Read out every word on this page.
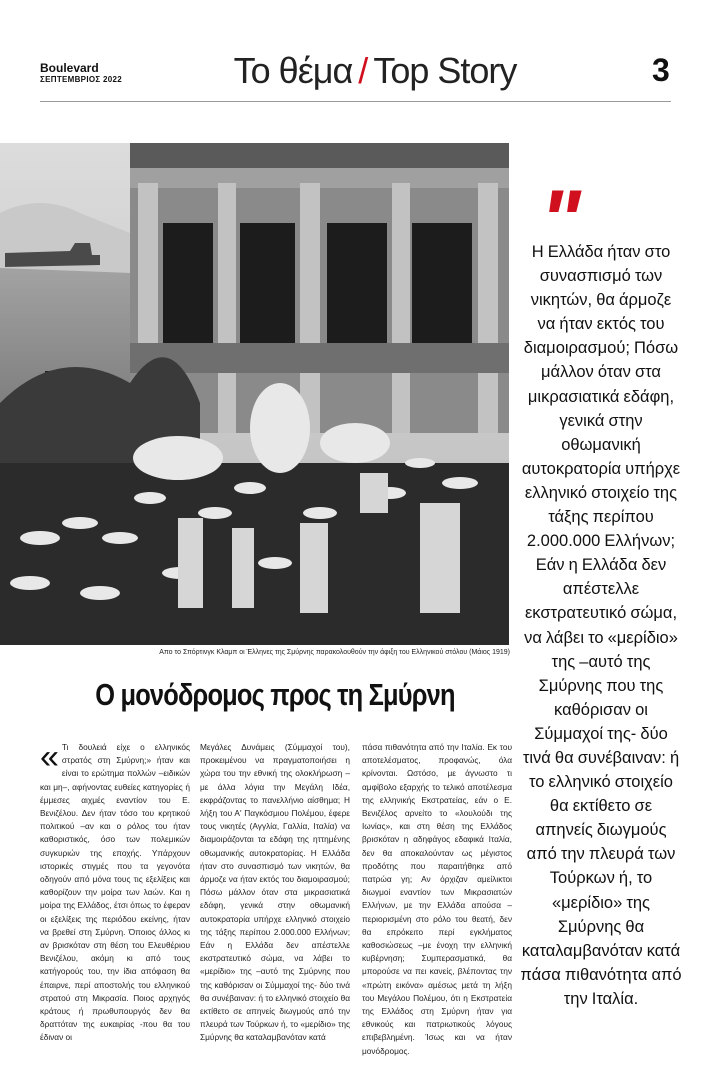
Boulevard
ΣΕΠΤΕΜΒΡΙΟΣ 2022	Το θέμα / Top Story	3
Απο το Σπόρτινγκ Κλαμπ οι Έλληνες της Σμύρνης παρακολουθούν την άφιξη του Ελληνικού στόλου (Μάιος 1919)
"
Η Ελλάδα ήταν στο συνασπισμό των νικητών, θα άρμοζε να ήταν εκτός του διαμοιρασμού; Πόσω μάλλον όταν στα μικρασιατικά εδάφη, γενικά στην οθωμανική αυτοκρατορία υπήρχε ελληνικό στοιχείο της τάξης περίπου 2.000.000 Ελλήνων; Εάν η Ελλάδα δεν απέστελλε εκστρατευτικό σώμα, να λάβει το «μερίδιο» της –αυτό της Σμύρνης που της καθόρισαν οι Σύμμαχοί της- δύο τινά θα συνέβαιναν: ή το ελληνικό στοιχείο θα εκτίθετο σε απηνείς διωγμούς από την πλευρά των Τούρκων ή, το «μερίδιο» της Σμύρνης θα καταλαμβανόταν κατά πάσα πιθανότητα από την Ιταλία.
Ο μονόδρομος προς τη Σμύρνη
« Τι δουλειά είχε ο ελληνικός στρατός στη Σμύρνη;» ήταν και είναι το ερώτημα πολλών –ειδικών και μη–, αφήνοντας ευθείες κατηγορίες ή έμμεσες αιχμές εναντίον του Ε. Βενιζέλου. Δεν ήταν τόσο του κρητικού πολιτικού –αν και ο ρόλος του ήταν καθοριστικός, όσο των πολεμικών συγκυριών της εποχής. Υπάρχουν ιστορικές στιγμές που τα γεγονότα οδηγούν από μόνα τους τις εξελίξεις και καθορίζουν την μοίρα των λαών. Και η μοίρα της Ελλάδος, έτσι όπως το έφεραν οι εξελίξεις της περιόδου εκείνης, ήταν να βρεθεί στη Σμύρνη. Όποιος άλλος κι αν βρισκόταν στη θέση του Ελευθέριου Βενιζέλου, ακόμη κι από τους κατήγορούς του, την ίδια απόφαση θα έπαιρνε, περί αποστολής του ελληνικού στρατού στη Μικρασία. Ποιος αρχηγός κράτους ή πρωθυπουργός δεν θα δραττόταν της ευκαιρίας -που θα του έδιναν οι
Μεγάλες Δυνάμεις (Σύμμαχοί του), προκειμένου να πραγματοποιήσει η χώρα του την εθνική της ολοκλήρωση –με άλλα λόγια την Μεγάλη Ιδέα, εκφράζοντας το πανελλήνιο αίσθημα; Η λήξη του Α' Παγκόσμιου Πολέμου, έφερε τους νικητές (Αγγλία, Γαλλία, Ιταλία) να διαμοιράζονται τα εδάφη της ηττημένης οθωμανικής αυτοκρατορίας. Η Ελλάδα ήταν στο συνασπισμό των νικητών, θα άρμοζε να ήταν εκτός του διαμοιρασμού; Πόσω μάλλον όταν στα μικρασιατικά εδάφη, γενικά στην οθωμανική αυτοκρατορία υπήρχε ελληνικό στοιχείο της τάξης περίπου 2.000.000 Ελλήνων; Εάν η Ελλάδα δεν απέστελλε εκστρατευτικό σώμα, να λάβει το «μερίδιο» της –αυτό της Σμύρνης που της καθόρισαν οι Σύμμαχοί της- δύο τινά θα συνέβαιναν: ή το ελληνικό στοιχείο θα εκτίθετο σε απηνείς διωγμούς από την πλευρά των Τούρκων ή, το «μερίδιο» της Σμύρνης θα καταλαμβανόταν κατά
πάσα πιθανότητα από την Ιταλία. Εκ του αποτελέσματος, προφανώς, όλα κρίνονται. Ωστόσο, με άγνωστο τι αμφίβολο εξαρχής το τελικό αποτέλεσμα της ελληνικής Εκστρατείας, εάν ο Ε. Βενιζέλος αρνείτο το «λουλούδι της Ιωνίας», και στη θέση της Ελλάδος βρισκόταν η αδηφάγος εδαφικά Ιταλία, δεν θα αποκαλούνταν ως μέγιστος προδότης που παραιτήθηκε από πατρώα γη; Αν όρχιζαν αμείλικτοι διωγμοί εναντίον των Μικρασιατών Ελλήνων, με την Ελλάδα απούσα –περιορισμένη στο ρόλο του θεατή, δεν θα επρόκειτο περί εγκλήματος καθοσιώσεως –με ένοχη την ελληνική κυβέρνηση; Συμπερασματικά, θα μπορούσε να πει κανείς, βλέποντας την «πρώτη εικόνα» αμέσως μετά τη λήξη του Μεγάλου Πολέμου, ότι η Εκστρατεία της Ελλάδος στη Σμύρνη ήταν για εθνικούς και πατριωτικούς λόγους επιβεβλημένη. Ίσως και να ήταν μονόδρομος.
